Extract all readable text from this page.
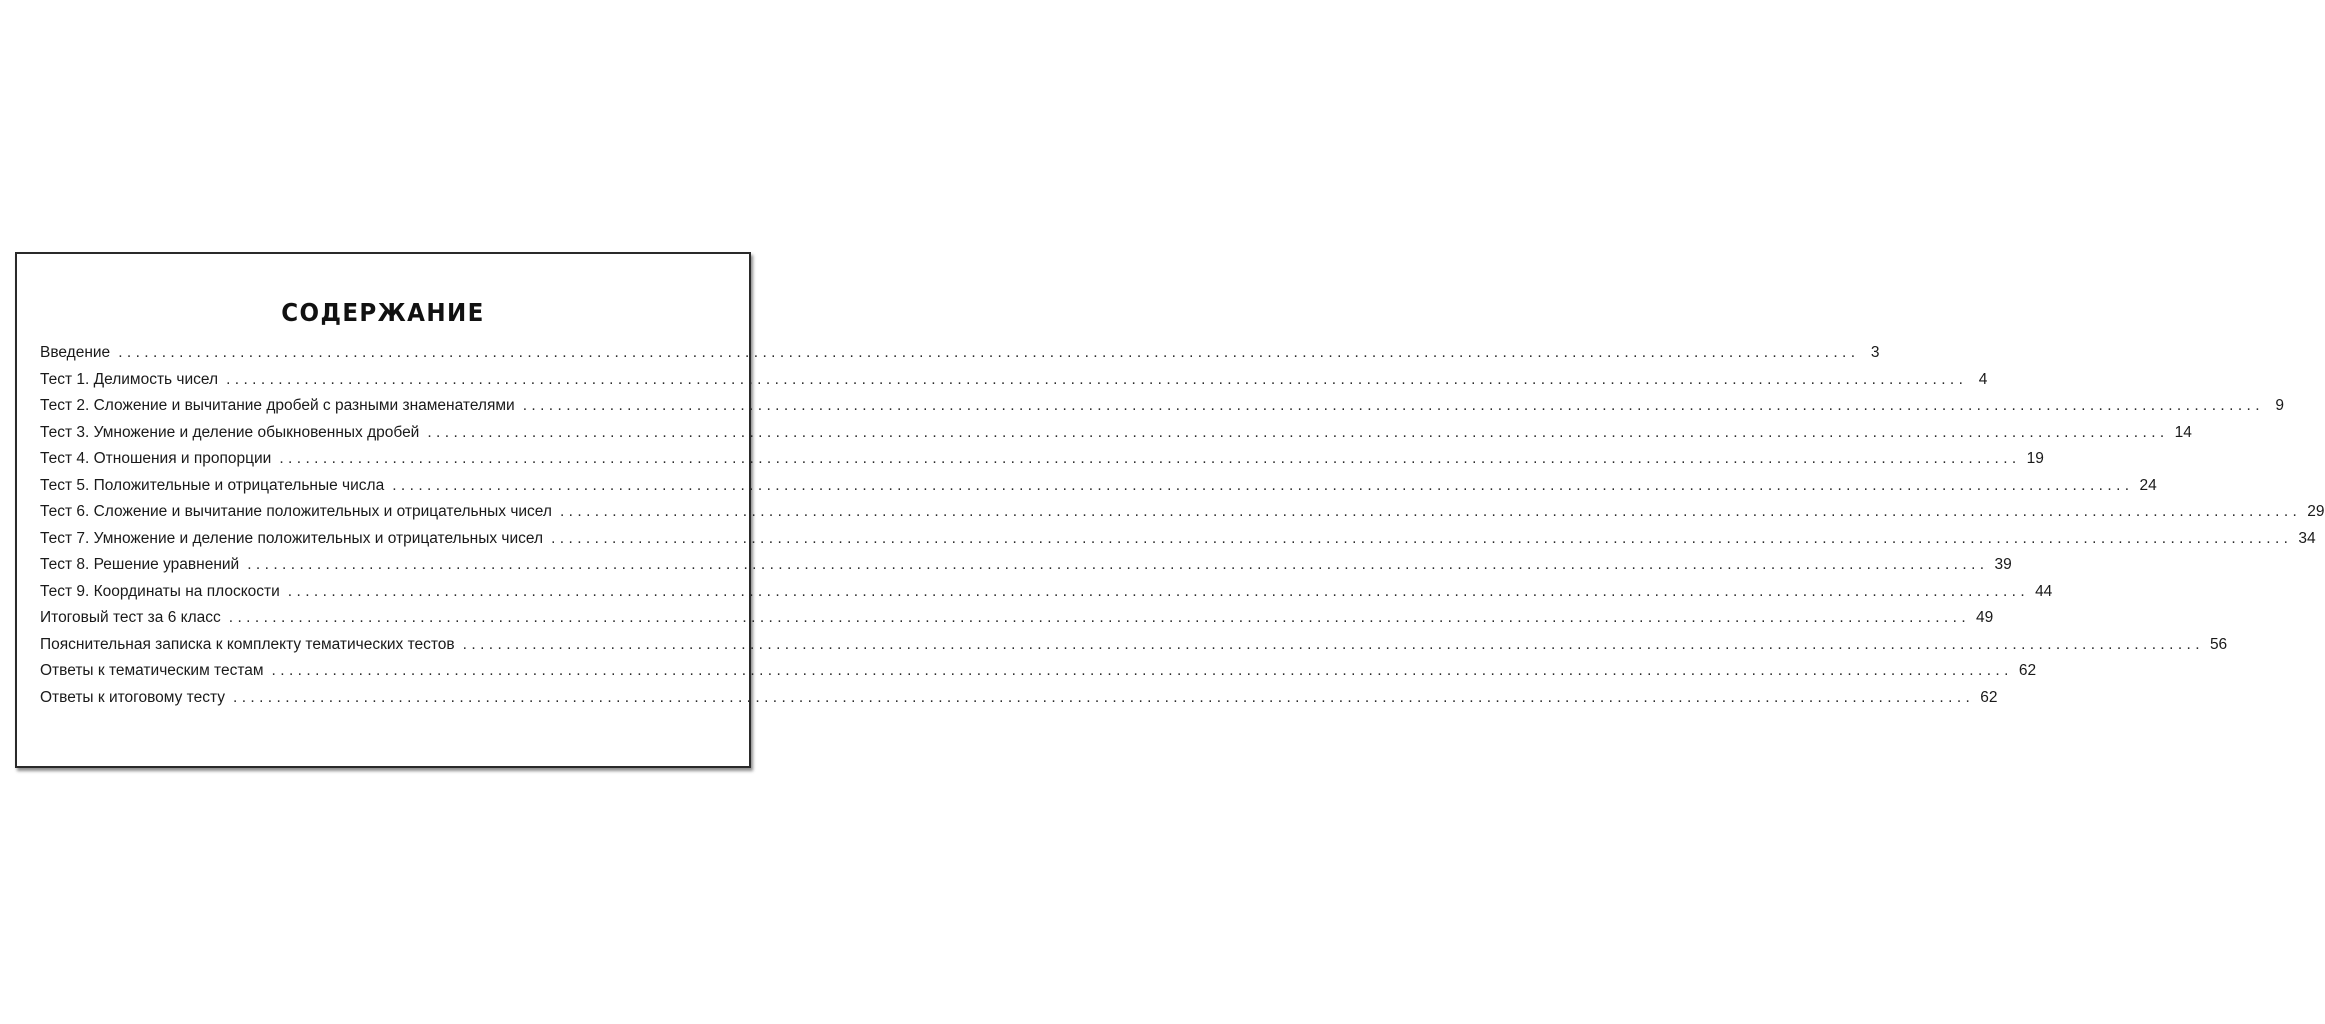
СОДЕРЖАНИЕ
Введение ........................................................................................................................................................................................................ 3
Тест 1. Делимость чисел ........................................................................................................................................................................................................ 4
Тест 2. Сложение и вычитание дробей с разными знаменателями ........................................................................................................................................................................................................ 9
Тест 3. Умножение и деление обыкновенных дробей ........................................................................................................................................................................................................ 14
Тест 4. Отношения и пропорции ........................................................................................................................................................................................................ 19
Тест 5. Положительные и отрицательные числа ........................................................................................................................................................................................................ 24
Тест 6. Сложение и вычитание положительных и отрицательных чисел ........................................................................................................................................................................................................ 29
Тест 7. Умножение и деление положительных и отрицательных чисел ........................................................................................................................................................................................................ 34
Тест 8. Решение уравнений ........................................................................................................................................................................................................ 39
Тест 9. Координаты на плоскости ........................................................................................................................................................................................................ 44
Итоговый тест за 6 класс ........................................................................................................................................................................................................ 49
Пояснительная записка к комплекту тематических тестов ........................................................................................................................................................................................................ 56
Ответы к тематическим тестам ........................................................................................................................................................................................................ 62
Ответы к итоговому тесту ........................................................................................................................................................................................................ 62
